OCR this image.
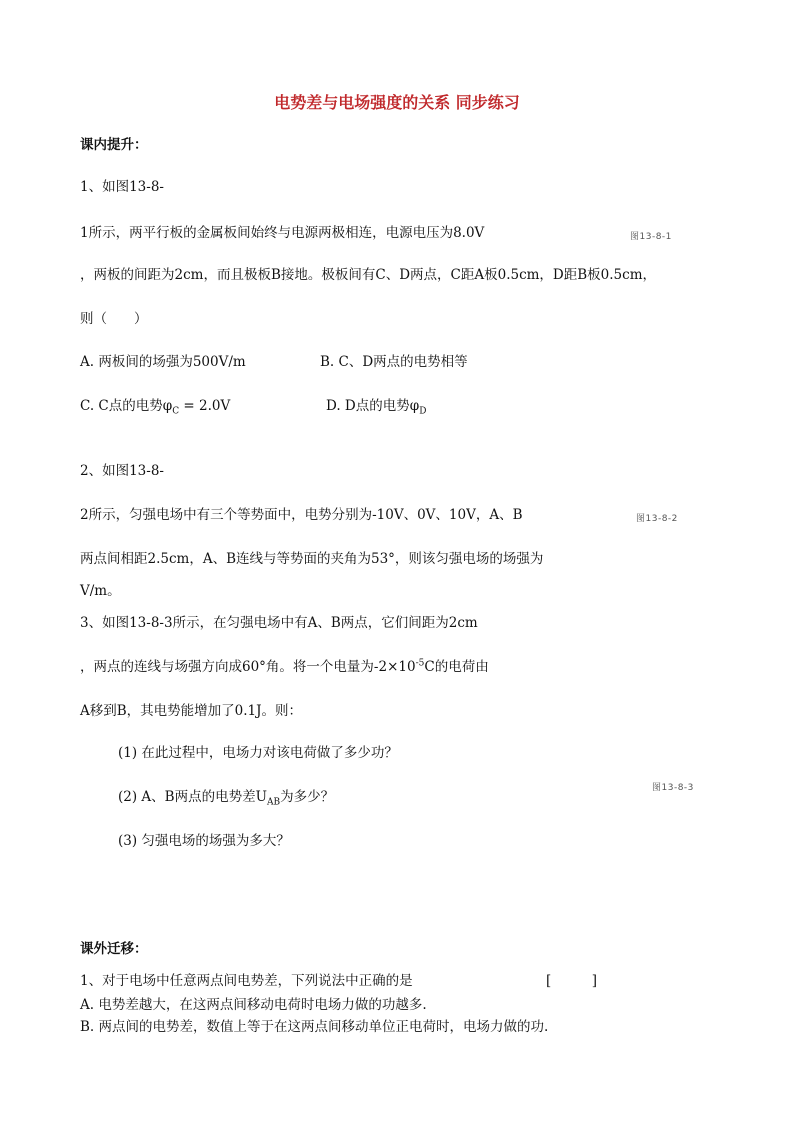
电势差与电场强度的关系 同步练习
课内提升：
1、如图13-8-
1所示，两平行板的金属板间始终与电源两极相连，电源电压为8.0V	图13-8-1
，两板的间距为2cm，而且极板B接地。极板间有C、D两点，C距A板0.5cm，D距B板0.5cm，
则（　　）
A. 两板间的场强为500V/m	B. C、D两点的电势相等
C. C点的电势$\varphi_C = 2.0V$	D. D点的电势$\varphi_D$
2、如图13-8-
2所示，匀强电场中有三个等势面中，电势分别为-10V、0V、10V，A、B	图13-8-2
两点间相距2.5cm，A、B连线与等势面的夹角为53°，则该匀强电场的场强为
V/m。
3、如图13-8-3所示，在匀强电场中有A、B两点，它们间距为2cm
，两点的连线与场强方向成60°角。将一个电量为$-2\times 10^{-5}C$的电荷由
A移到B，其电势能增加了0.1J。则：
(1) 在此过程中，电场力对该电荷做了多少功？
图13-8-3
(2) A、B两点的电势差$U_{AB}$为多少？
(3) 匀强电场的场强为多大？
课外迁移：
1、对于电场中任意两点间电势差，下列说法中正确的是	[　　　]
A. 电势差越大，在这两点间移动电荷时电场力做的功越多.
B. 两点间的电势差，数值上等于在这两点间移动单位正电荷时，电场力做的功.
